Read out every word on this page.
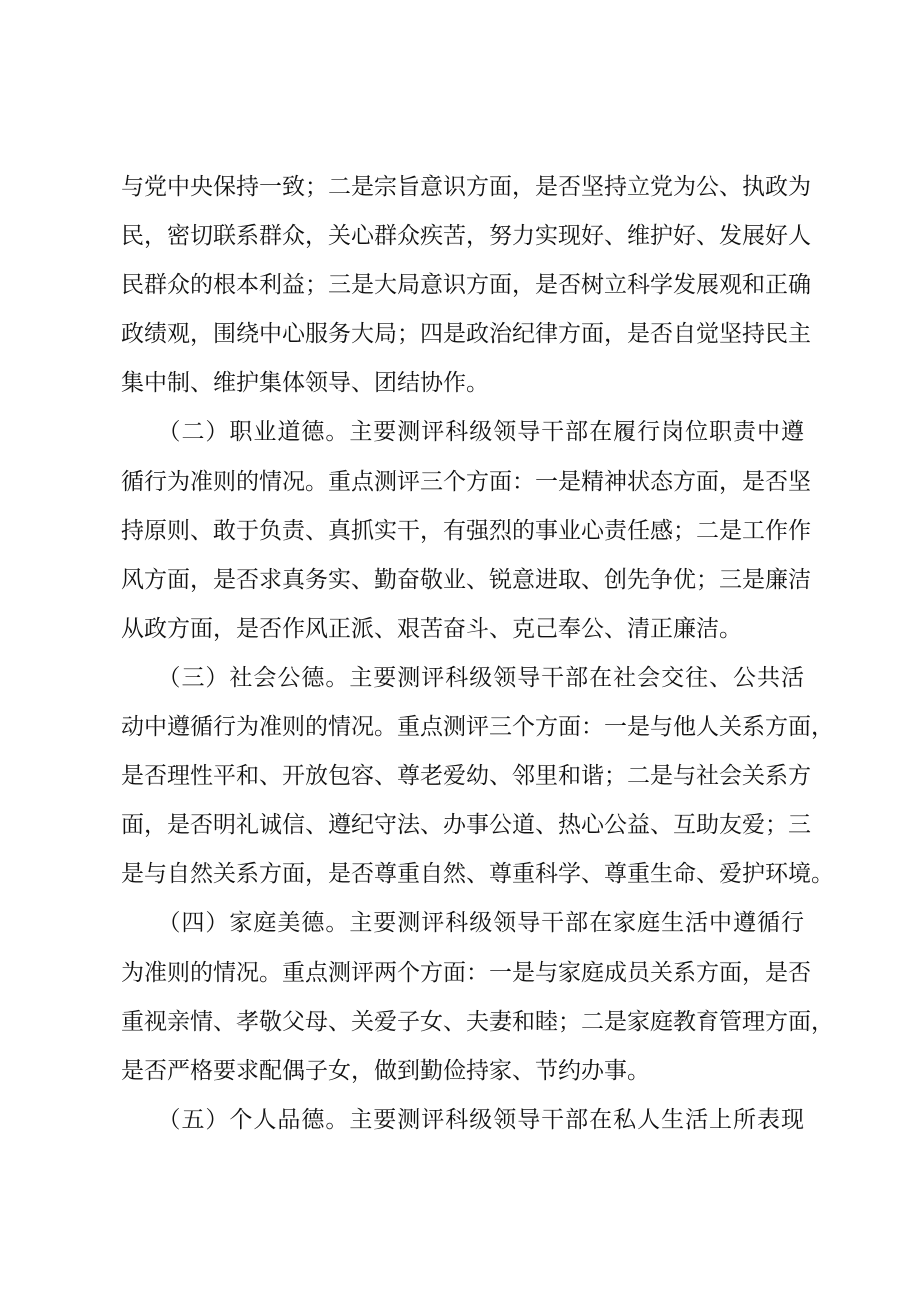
与党中央保持一致；二是宗旨意识方面，是否坚持立党为公、执政为
民，密切联系群众，关心群众疾苦，努力实现好、维护好、发展好人
民群众的根本利益；三是大局意识方面，是否树立科学发展观和正确
政绩观，围绕中心服务大局；四是政治纪律方面，是否自觉坚持民主
集中制、维护集体领导、团结协作。
　　（二）职业道德。主要测评科级领导干部在履行岗位职责中遵
循行为准则的情况。重点测评三个方面：一是精神状态方面，是否坚
持原则、敢于负责、真抓实干，有强烈的事业心责任感；二是工作作
风方面，是否求真务实、勤奋敬业、锐意进取、创先争优；三是廉洁
从政方面，是否作风正派、艰苦奋斗、克己奉公、清正廉洁。
　　（三）社会公德。主要测评科级领导干部在社会交往、公共活
动中遵循行为准则的情况。重点测评三个方面：一是与他人关系方面，
是否理性平和、开放包容、尊老爱幼、邻里和谐；二是与社会关系方
面，是否明礼诚信、遵纪守法、办事公道、热心公益、互助友爱；三
是与自然关系方面，是否尊重自然、尊重科学、尊重生命、爱护环境。
　　（四）家庭美德。主要测评科级领导干部在家庭生活中遵循行
为准则的情况。重点测评两个方面：一是与家庭成员关系方面，是否
重视亲情、孝敬父母、关爱子女、夫妻和睦；二是家庭教育管理方面，
是否严格要求配偶子女，做到勤俭持家、节约办事。
　　（五）个人品德。主要测评科级领导干部在私人生活上所表现
